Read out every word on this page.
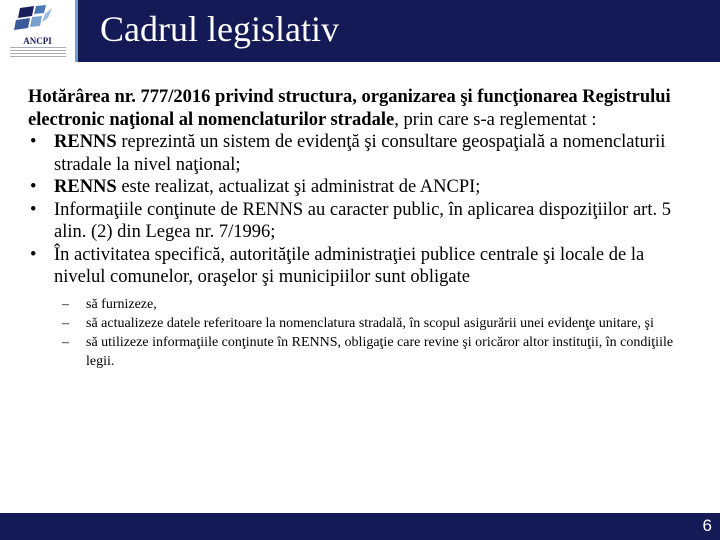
ANCPI	Cadrul legislativ
Hotărârea nr. 777/2016 privind structura, organizarea şi funcţionarea Registrului electronic naţional al nomenclaturilor stradale, prin care s-a reglementat :
• RENNS reprezintă un sistem de evidenţă şi consultare geospaţială a nomenclaturii stradale la nivel naţional;
• RENNS este realizat, actualizat şi administrat de ANCPI;
• Informaţiile conţinute de RENNS au caracter public, în aplicarea dispoziţiilor art. 5 alin. (2) din Legea nr. 7/1996;
• În activitatea specifică, autorităţile administraţiei publice centrale şi locale de la nivelul comunelor, oraşelor şi municipiilor sunt obligate
– să furnizeze,
– să actualizeze datele referitoare la nomenclatura stradală, în scopul asigurării unei evidenţe unitare, şi
– să utilizeze informaţiile conţinute în RENNS, obligaţie care revine şi oricăror altor instituţii, în condiţiile legii.
6
